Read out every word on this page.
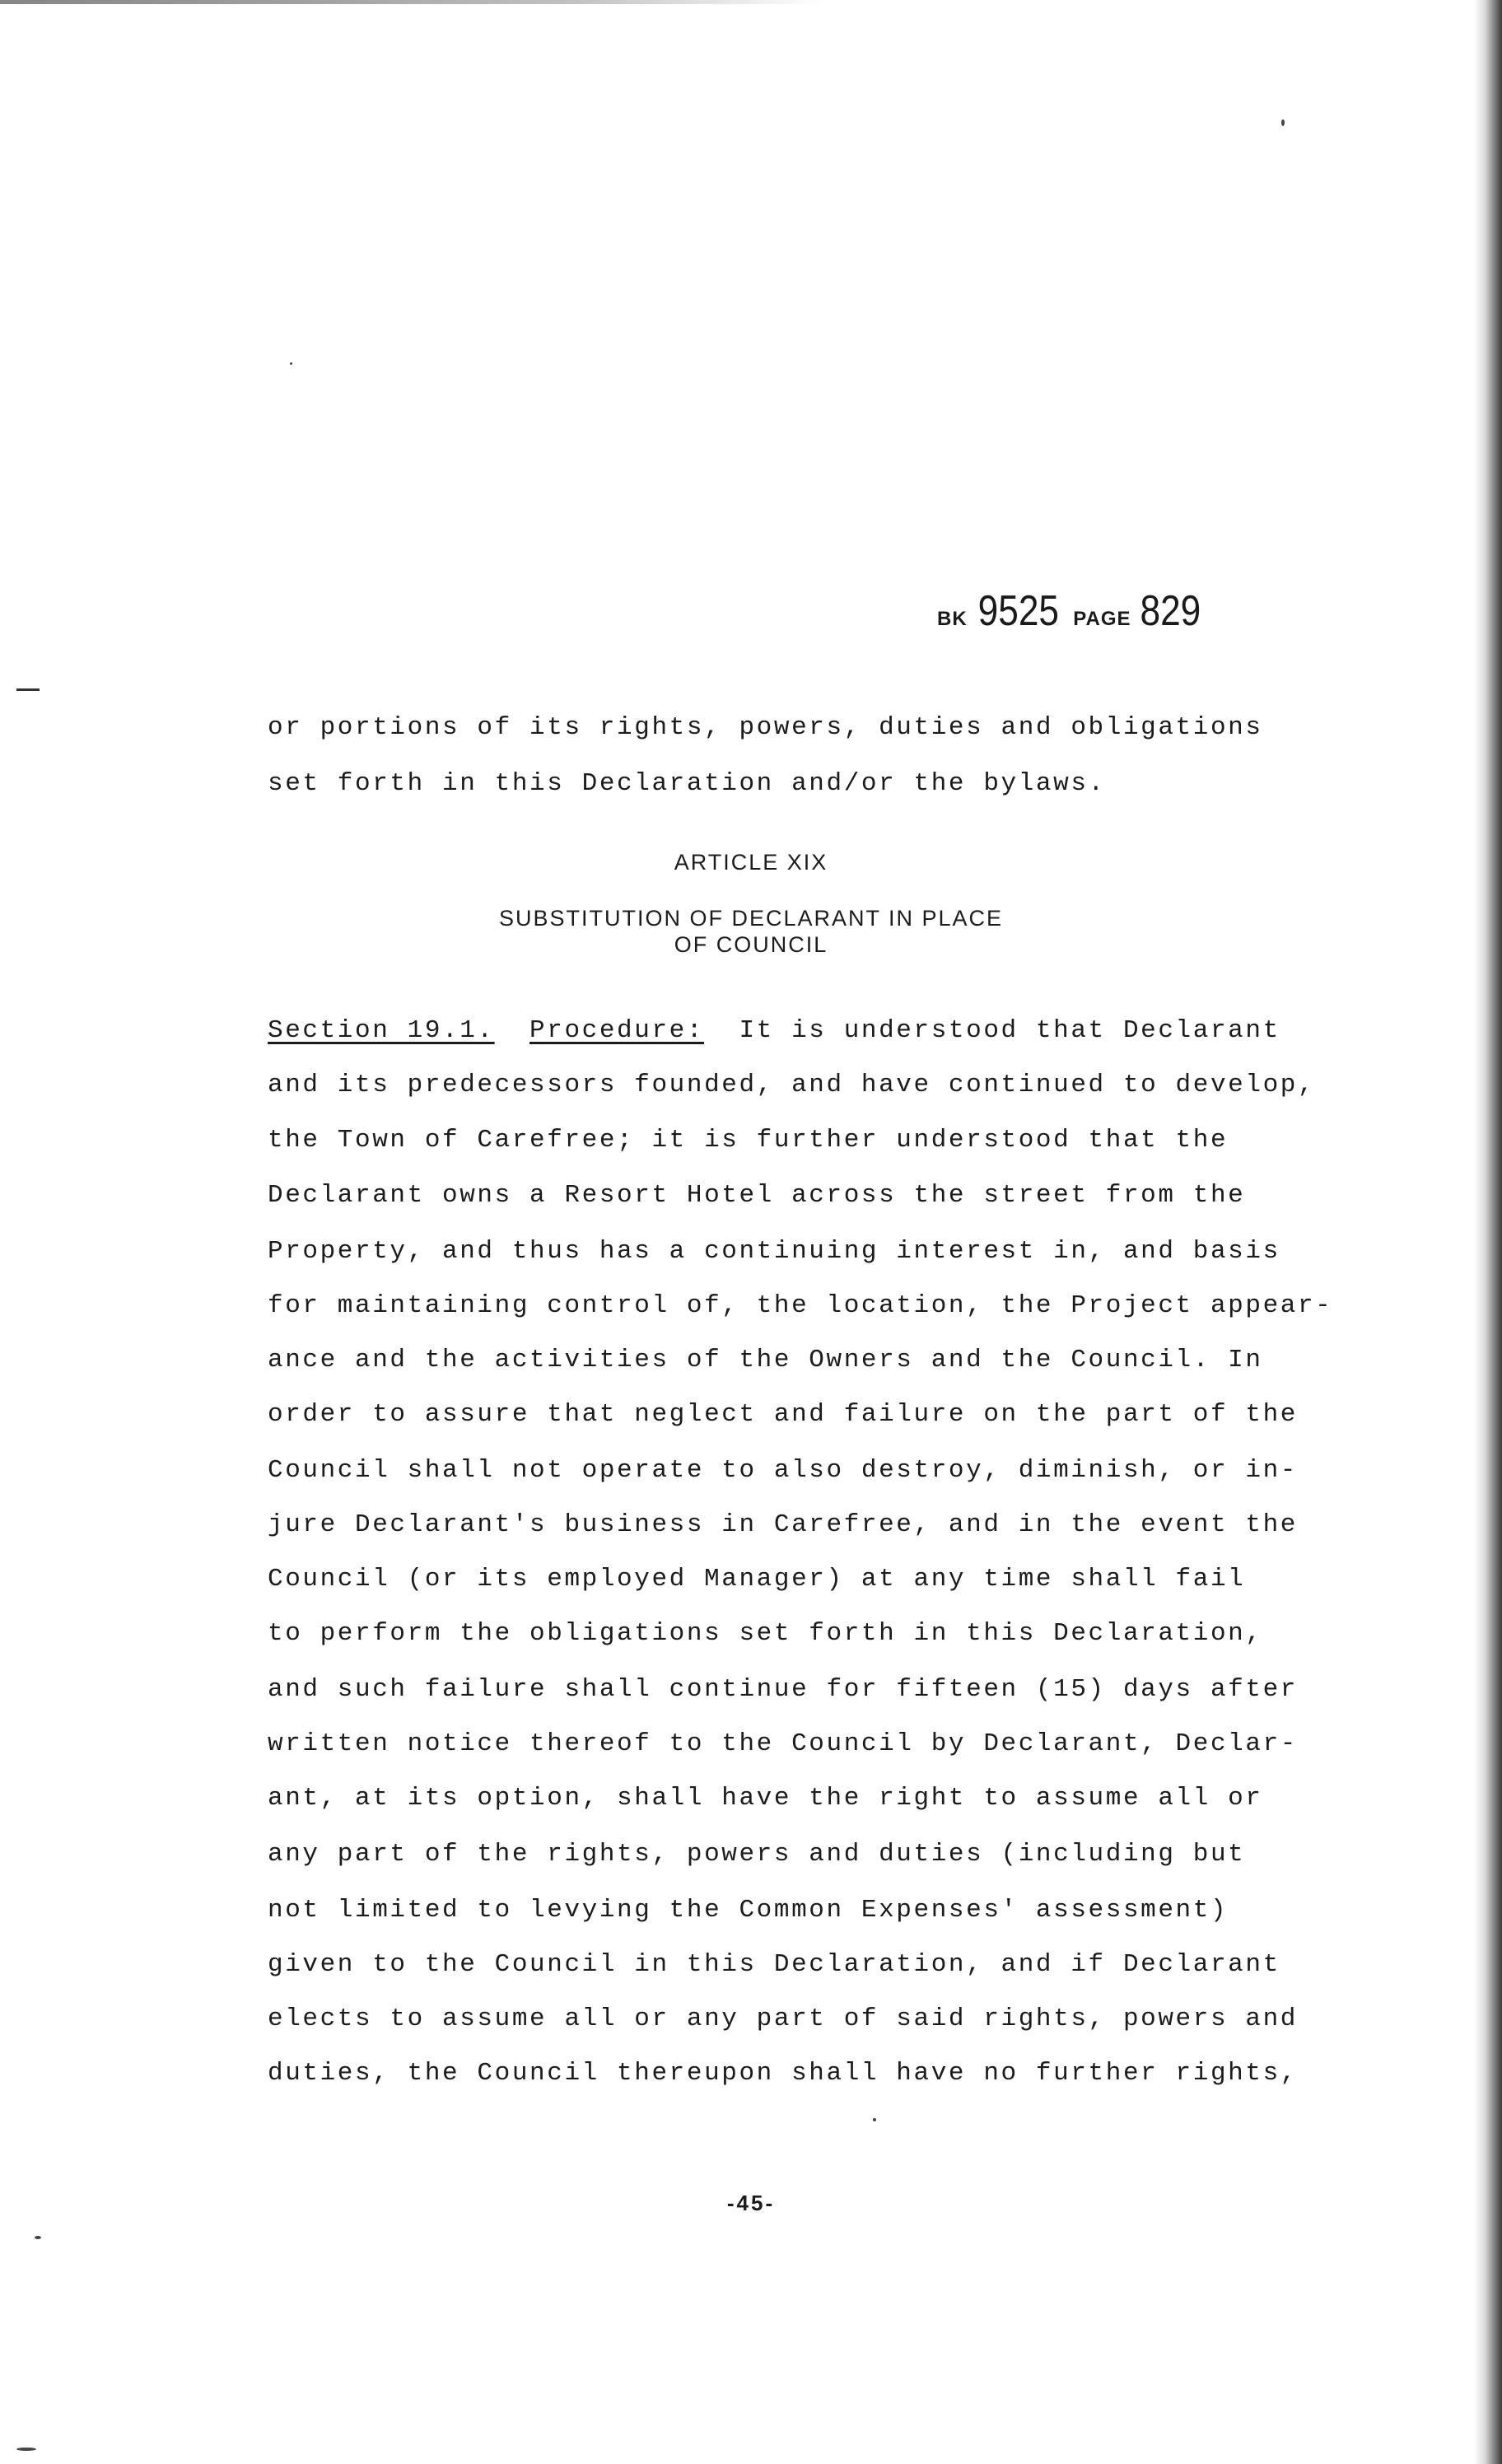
BK 9525 PAGE 829
or portions of its rights, powers, duties and obligations
set forth in this Declaration and/or the bylaws.
ARTICLE XIX
SUBSTITUTION OF DECLARANT IN PLACE
OF COUNCIL
Section 19.1. Procedure: It is understood that Declarant
and its predecessors founded, and have continued to develop,
the Town of Carefree; it is further understood that the
Declarant owns a Resort Hotel across the street from the
Property, and thus has a continuing interest in, and basis
for maintaining control of, the location, the Project appear-
ance and the activities of the Owners and the Council. In
order to assure that neglect and failure on the part of the
Council shall not operate to also destroy, diminish, or in-
jure Declarant's business in Carefree, and in the event the
Council (or its employed Manager) at any time shall fail
to perform the obligations set forth in this Declaration,
and such failure shall continue for fifteen (15) days after
written notice thereof to the Council by Declarant, Declar-
ant, at its option, shall have the right to assume all or
any part of the rights, powers and duties (including but
not limited to levying the Common Expenses' assessment)
given to the Council in this Declaration, and if Declarant
elects to assume all or any part of said rights, powers and
duties, the Council thereupon shall have no further rights,
-45-
